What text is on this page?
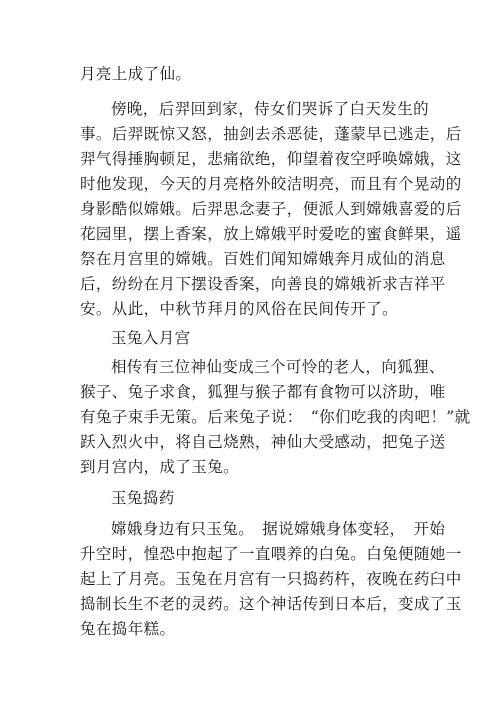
月亮上成了仙。
傍晚，后羿回到家，侍女们哭诉了白天发生的
事。后羿既惊又怒，抽剑去杀恶徒，蓬蒙早已逃走，后
羿气得捶胸顿足，悲痛欲绝，仰望着夜空呼唤嫦娥，这
时他发现，今天的月亮格外皎洁明亮，而且有个晃动的
身影酷似嫦娥。后羿思念妻子，便派人到嫦娥喜爱的后
花园里，摆上香案，放上嫦娥平时爱吃的蜜食鲜果，遥
祭在月宫里的嫦娥。百姓们闻知嫦娥奔月成仙的消息
后，纷纷在月下摆设香案，向善良的嫦娥祈求吉祥平
安。从此，中秋节拜月的风俗在民间传开了。
玉兔入月宫
相传有三位神仙变成三个可怜的老人，向狐狸、
猴子、兔子求食，狐狸与猴子都有食物可以济助，唯
有兔子束手无策。后来兔子说：　“你们吃我的肉吧！”就
跃入烈火中，将自己烧熟，神仙大受感动，把兔子送
到月宫内，成了玉兔。
玉兔捣药
嫦娥身边有只玉兔。　据说嫦娥身体变轻，　开始
升空时，惶恐中抱起了一直喂养的白兔。白兔便随她一
起上了月亮。玉兔在月宫有一只捣药杵，夜晚在药臼中
捣制长生不老的灵药。这个神话传到日本后，变成了玉
兔在捣年糕。
